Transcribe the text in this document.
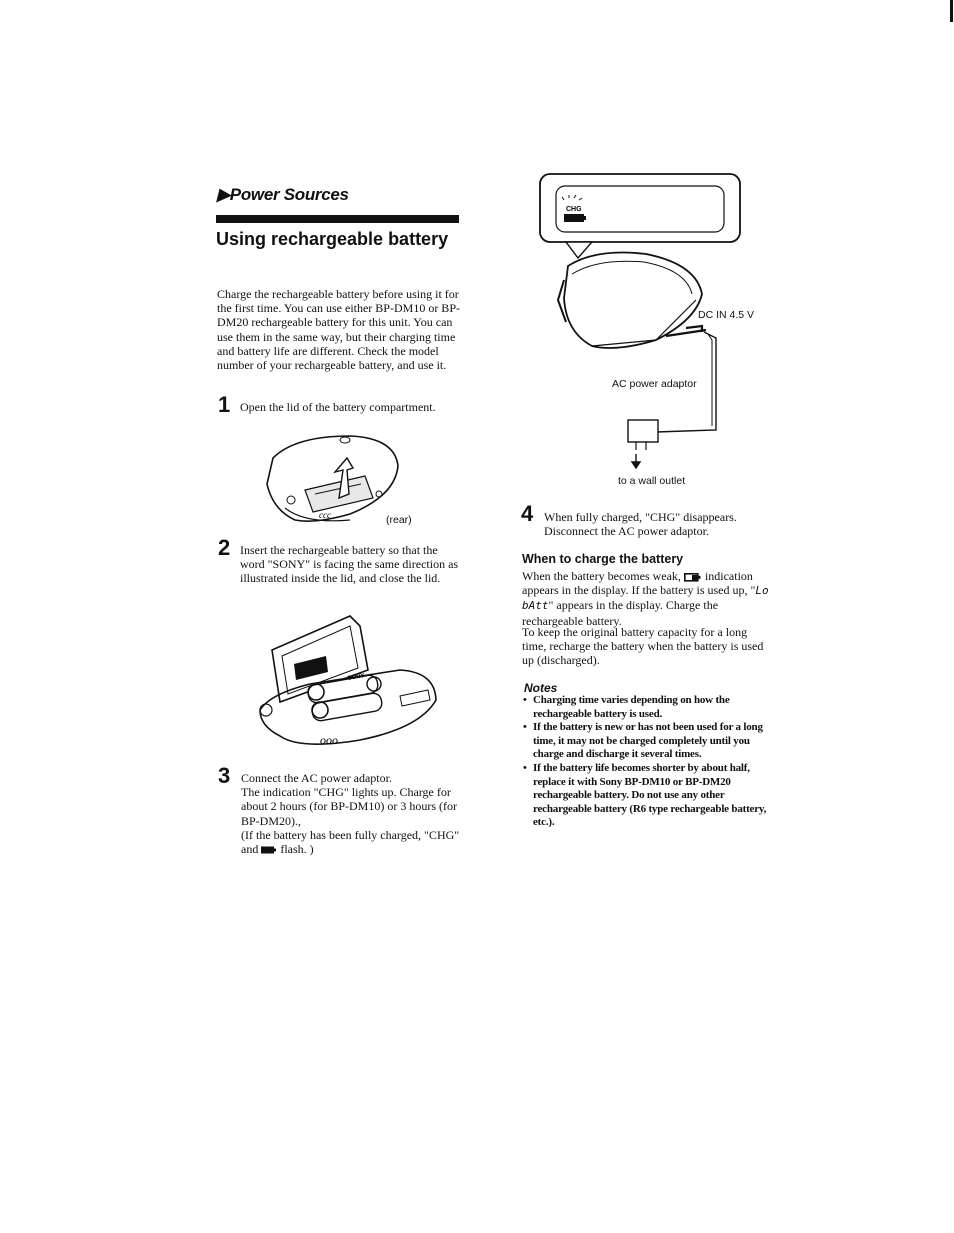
▶Power Sources
Using rechargeable battery
Charge the rechargeable battery before using it for the first time. You can use either BP-DM10 or BP-DM20 rechargeable battery for this unit. You can use them in the same way, but their charging time and battery life are different. Check the model number of your rechargeable battery, and use it.
1 Open the lid of the battery compartment.
ccc	(rear)
2 Insert the rechargeable battery so that the word "SONY" is facing the same direction as illustrated inside the lid, and close the lid.
SONY
ooo
3 Connect the AC power adaptor.
The indication "CHG" lights up. Charge for about 2 hours (for BP-DM10) or 3 hours (for BP-DM20).,
(If the battery has been fully charged, "CHG" and flash. )
CHG
DC IN 4.5 V
AC power adaptor
to a wall outlet
4 When fully charged, "CHG" disappears. Disconnect the AC power adaptor.
When to charge the battery
When the battery becomes weak, indication appears in the display. If the battery is used up, "Lo bAtt" appears in the display. Charge the rechargeable battery.
To keep the original battery capacity for a long time, recharge the battery when the battery is used up (discharged).
Notes
• Charging time varies depending on how the rechargeable battery is used.
• If the battery is new or has not been used for a long time, it may not be charged completely until you charge and discharge it several times.
• If the battery life becomes shorter by about half, replace it with Sony BP-DM10 or BP-DM20 rechargeable battery. Do not use any other rechargeable battery (R6 type rechargeable battery, etc.).
